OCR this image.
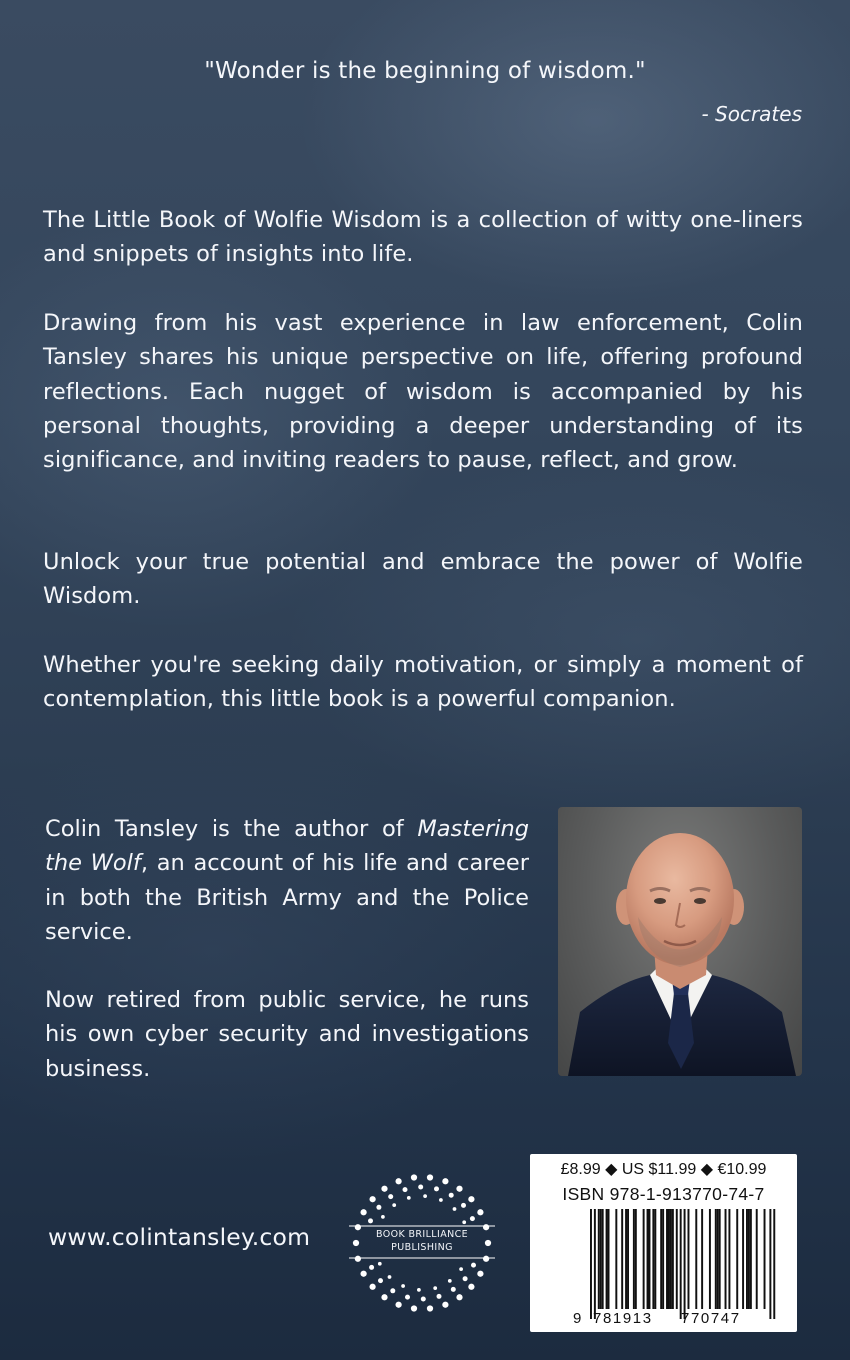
"Wonder is the beginning of wisdom."
- Socrates

The Little Book of Wolfie Wisdom is a collection of witty one-liners and snippets of insights into life.

Drawing from his vast experience in law enforcement, Colin Tansley shares his unique perspective on life, offering profound reflections. Each nugget of wisdom is accompanied by his personal thoughts, providing a deeper understanding of its significance, and inviting readers to pause, reflect, and grow.

Unlock your true potential and embrace the power of Wolfie Wisdom.

Whether you're seeking daily motivation, or simply a moment of contemplation, this little book is a powerful companion.

Colin Tansley is the author of Mastering the Wolf, an account of his life and career in both the British Army and the Police service.

Now retired from public service, he runs his own cyber security and investigations business.

www.colintansley.com	BOOK BRILLIANCE
PUBLISHING
£8.99 ◆ US $11.99 ◆ €10.99
ISBN 978-1-913770-74-7
9 781913 770747
